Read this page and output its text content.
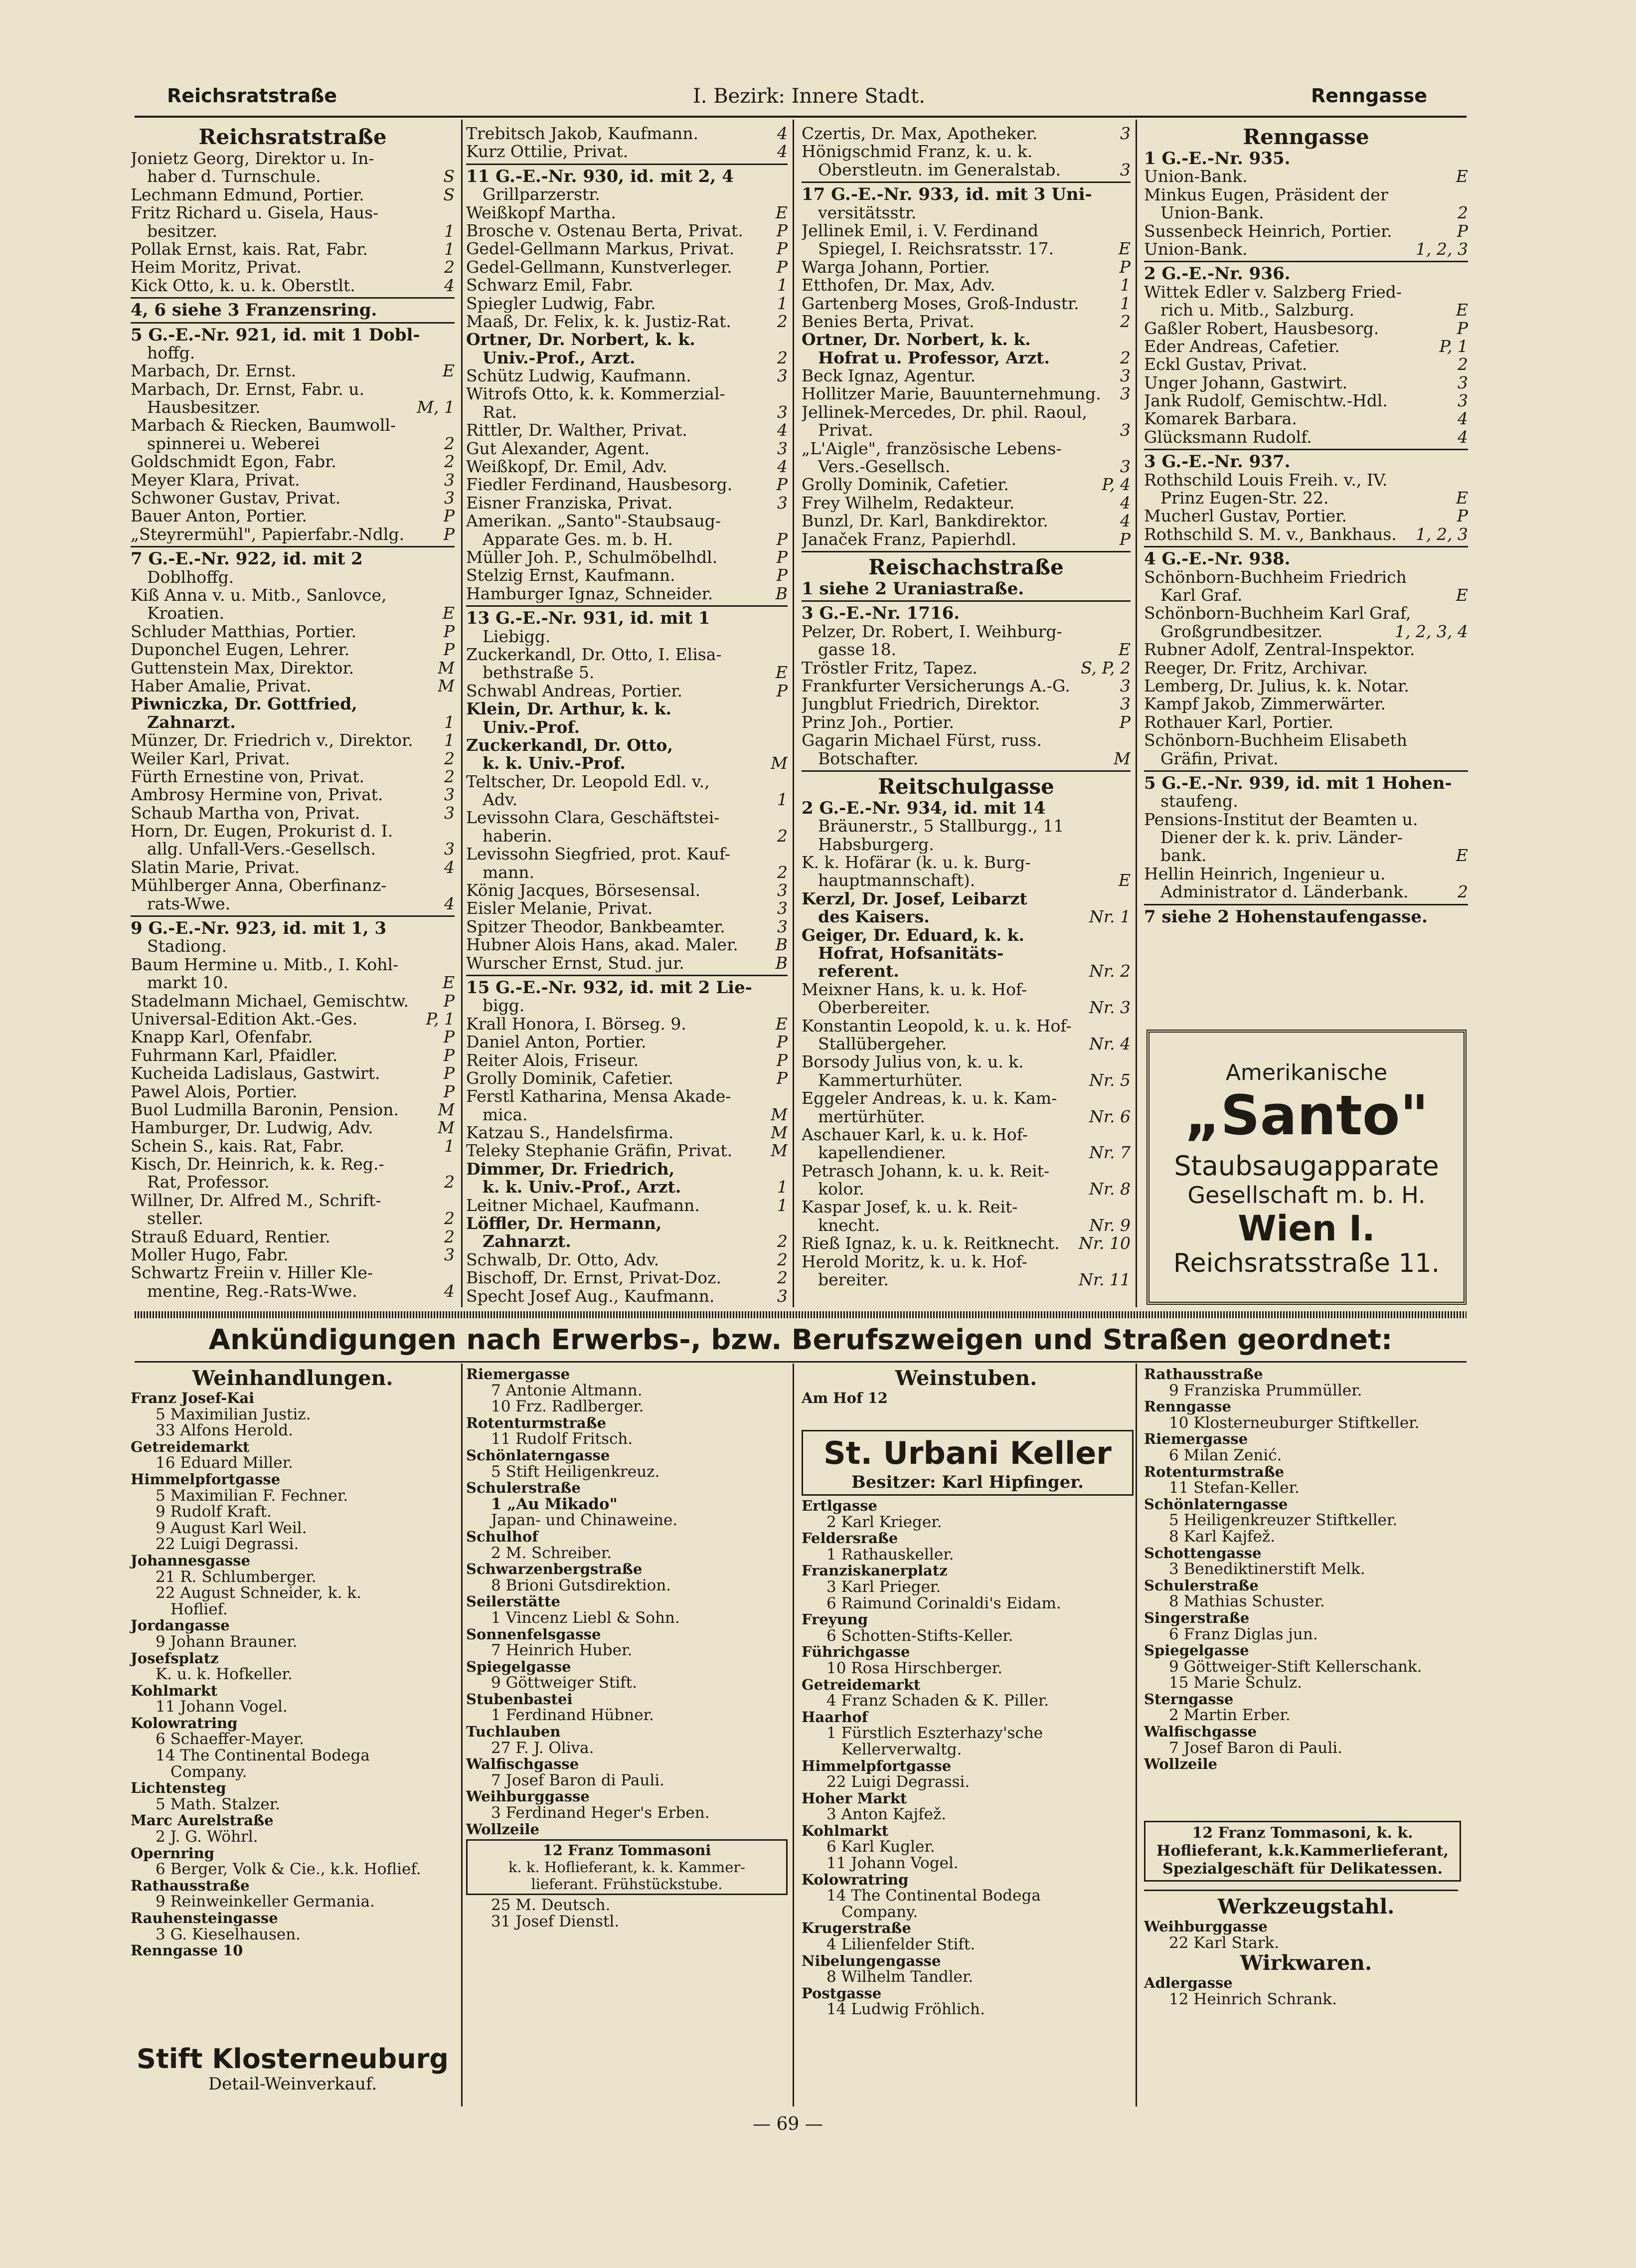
Reichsratstraße	I. Bezirk: Innere Stadt.	Renngasse
Reichsratstraße
Jonietz Georg, Direktor u. In-
 haber d. Turnschule.	S
Lechmann Edmund, Portier.	S
Fritz Richard u. Gisela, Haus-
 besitzer.	1
Pollak Ernst, kais. Rat, Fabr.	1
Heim Moritz, Privat.	2
Kick Otto, k. u. k. Oberstlt.	4
4, 6 siehe 3 Franzensring.
5 G.-E.-Nr. 921, id. mit 1 Dobl-
 hoffg.
Marbach, Dr. Ernst.	E
Marbach, Dr. Ernst, Fabr. u.
 Hausbesitzer.	M, 1
Marbach & Riecken, Baumwoll-
 spinnerei u. Weberei	2
Goldschmidt Egon, Fabr.	2
Meyer Klara, Privat.	3
Schwoner Gustav, Privat.	3
Bauer Anton, Portier.	P
„Steyrermühl", Papierfabr.-Ndlg. P
7 G.-E.-Nr. 922, id. mit 2
 Doblhoffg.
Kiß Anna v. u. Mitb., Sanlovce,
 Kroatien.	E
Schluder Matthias, Portier.	P
Duponchel Eugen, Lehrer.	P
Guttenstein Max, Direktor.	M
Haber Amalie, Privat.	M
Piwniczka, Dr. Gottfried,
 Zahnarzt.	1
Münzer, Dr. Friedrich v., Direktor. 1
Weiler Karl, Privat.	2
Fürth Ernestine von, Privat.	2
Ambrosy Hermine von, Privat.	3
Schaub Martha von, Privat.	3
Horn, Dr. Eugen, Prokurist d. I.
 allg. Unfall-Vers.-Gesellsch.	3
Slatin Marie, Privat.	4
Mühlberger Anna, Oberfinanz-
 rats-Wwe.	4
9 G.-E.-Nr. 923, id. mit 1, 3
 Stadiong.
Baum Hermine u. Mitb., I. Kohl-
 markt 10.	E
Stadelmann Michael, Gemischtw. P
Universal-Edition Akt.-Ges.	P, 1
Knapp Karl, Ofenfabr.	P
Fuhrmann Karl, Pfaidler.	P
Kucheida Ladislaus, Gastwirt.	P
Pawel Alois, Portier.	P
Buol Ludmilla Baronin, Pension. M
Hamburger, Dr. Ludwig, Adv.	M
Schein S., kais. Rat, Fabr.	1
Kisch, Dr. Heinrich, k. k. Reg.-
 Rat, Professor.	2
Willner, Dr. Alfred M., Schrift-
 steller.	2
Strauß Eduard, Rentier.	2
Moller Hugo, Fabr.	3
Schwartz Freiin v. Hiller Kle-
 mentine, Reg.-Rats-Wwe.	4
Trebitsch Jakob, Kaufmann.	4
Kurz Ottilie, Privat.	4
11 G.-E.-Nr. 930, id. mit 2, 4
 Grillparzerstr.
Weißkopf Martha.	E
Brosche v. Ostenau Berta, Privat. P
Gedel-Gellmann Markus, Privat.	P
Gedel-Gellmann, Kunstverleger.	P
Schwarz Emil, Fabr.	1
Spiegler Ludwig, Fabr.	1
Maaß, Dr. Felix, k. k. Justiz-Rat.	2
Ortner, Dr. Norbert, k. k.
 Univ.-Prof., Arzt.	2
Schütz Ludwig, Kaufmann.	3
Witrofs Otto, k. k. Kommerzial-
 Rat.	3
Rittler, Dr. Walther, Privat.	4
Gut Alexander, Agent.	3
Weißkopf, Dr. Emil, Adv.	4
Fiedler Ferdinand, Hausbesorg.	P
Eisner Franziska, Privat.	3
Amerikan. „Santo"-Staubsaug-
 Apparate Ges. m. b. H.	P
Müller Joh. P., Schulmöbelhdl.	P
Stelzig Ernst, Kaufmann.	P
Hamburger Ignaz, Schneider.	B
13 G.-E.-Nr. 931, id. mit 1
 Liebigg.
Zuckerkandl, Dr. Otto, I. Elisa-
 bethstraße 5.	E
Schwabl Andreas, Portier.	P
Klein, Dr. Arthur, k. k.
 Univ.-Prof.
Zuckerkandl, Dr. Otto,
 k. k. Univ.-Prof.	M
Teltscher, Dr. Leopold Edl. v.,
 Adv.	1
Levissohn Clara, Geschäftstei-
 haberin.	2
Levissohn Siegfried, prot. Kauf-
 mann.	2
König Jacques, Börsesensal.	3
Eisler Melanie, Privat.	3
Spitzer Theodor, Bankbeamter.	3
Hubner Alois Hans, akad. Maler. B
Wurscher Ernst, Stud. jur.	B
15 G.-E.-Nr. 932, id. mit 2 Lie-
 bigg.
Krall Honora, I. Börseg. 9.	E
Daniel Anton, Portier.	P
Reiter Alois, Friseur.	P
Grolly Dominik, Cafetier.	P
Ferstl Katharina, Mensa Akade-
 mica.	M
Katzau S., Handelsfirma.	M
Teleky Stephanie Gräfin, Privat. M
Dimmer, Dr. Friedrich,
 k. k. Univ.-Prof., Arzt.	1
Leitner Michael, Kaufmann.	1
Löffler, Dr. Hermann,
 Zahnarzt.	2
Schwalb, Dr. Otto, Adv.	2
Bischoff, Dr. Ernst, Privat-Doz.	2
Specht Josef Aug., Kaufmann.	3
Czertis, Dr. Max, Apotheker.	3
Hönigschmid Franz, k. u. k.
 Oberstleutn. im Generalstab.	3
17 G.-E.-Nr. 933, id. mit 3 Uni-
 versitätsstr.
Jellinek Emil, i. V. Ferdinand
 Spiegel, I. Reichsratsstr. 17.	E
Warga Johann, Portier.	P
Etthofen, Dr. Max, Adv.	1
Gartenberg Moses, Groß-Industr. 1
Benies Berta, Privat.	2
Ortner, Dr. Norbert, k. k.
 Hofrat u. Professor, Arzt.	2
Beck Ignaz, Agentur.	3
Hollitzer Marie, Bauunternehmung. 3
Jellinek-Mercedes, Dr. phil. Raoul,
 Privat.	3
„L'Aigle", französische Lebens-
 Vers.-Gesellsch.	3
Grolly Dominik, Cafetier.	P, 4
Frey Wilhelm, Redakteur.	4
Bunzl, Dr. Karl, Bankdirektor.	4
Janaček Franz, Papierhdl.	P
Reischachstraße
1 siehe 2 Uraniastraße.
3 G.-E.-Nr. 1716.
Pelzer, Dr. Robert, I. Weihburg-
 gasse 18.	E
Tröstler Fritz, Tapez.	S, P, 2
Frankfurter Versicherungs A.-G.	3
Jungblut Friedrich, Direktor.	3
Prinz Joh., Portier.	P
Gagarin Michael Fürst, russ.
 Botschafter.	M
Reitschulgasse
2 G.-E.-Nr. 934, id. mit 14
 Bräunerstr., 5 Stallburgg., 11
 Habsburgerg.
K. k. Hofärar (k. u. k. Burg-
 hauptmannschaft).	E
Kerzl, Dr. Josef, Leibarzt
 des Kaisers.	Nr. 1
Geiger, Dr. Eduard, k. k.
 Hofrat, Hofsanitäts-
 referent.	Nr. 2
Meixner Hans, k. u. k. Hof-
 Oberbereiter.	Nr. 3
Konstantin Leopold, k. u. k. Hof-
 Stallübergeher.	Nr. 4
Borsody Julius von, k. u. k.
 Kammerturhüter.	Nr. 5
Eggeler Andreas, k. u. k. Kam-
 mertürhüter.	Nr. 6
Aschauer Karl, k. u. k. Hof-
 kapellendiener.	Nr. 7
Petrasch Johann, k. u. k. Reit-
 kolor.	Nr. 8
Kaspar Josef, k. u. k. Reit-
 knecht.	Nr. 9
Rieß Ignaz, k. u. k. Reitknecht. Nr. 10
Herold Moritz, k. u. k. Hof-
 bereiter.	Nr. 11
Renngasse
1 G.-E.-Nr. 935.
Union-Bank.	E
Minkus Eugen, Präsident der
 Union-Bank.	2
Sussenbeck Heinrich, Portier.	P
Union-Bank.	1, 2, 3
2 G.-E.-Nr. 936.
Wittek Edler v. Salzberg Fried-
 rich u. Mitb., Salzburg.	E
Gaßler Robert, Hausbesorg.	P
Eder Andreas, Cafetier.	P, 1
Eckl Gustav, Privat.	2
Unger Johann, Gastwirt.	3
Jank Rudolf, Gemischtw.-Hdl.	3
Komarek Barbara.	4
Glücksmann Rudolf.	4
3 G.-E.-Nr. 937.
Rothschild Louis Freih. v., IV.
 Prinz Eugen-Str. 22.	E
Mucherl Gustav, Portier.	P
Rothschild S. M. v., Bankhaus. 1, 2, 3
4 G.-E.-Nr. 938.
Schönborn-Buchheim Friedrich
 Karl Graf.	E
Schönborn-Buchheim Karl Graf,
 Großgrundbesitzer.	1, 2, 3, 4
Rubner Adolf, Zentral-Inspektor.
Reeger, Dr. Fritz, Archivar.
Lemberg, Dr. Julius, k. k. Notar.
Kampf Jakob, Zimmerwärter.
Rothauer Karl, Portier.
Schönborn-Buchheim Elisabeth
 Gräfin, Privat.
5 G.-E.-Nr. 939, id. mit 1 Hohen-
 staufeng.
Pensions-Institut der Beamten u.
 Diener der k. k. priv. Länder-
 bank.	E
Hellin Heinrich, Ingenieur u.
 Administrator d. Länderbank.	2
7 siehe 2 Hohenstaufengasse.
Amerikanische
„Santo"
Staubsaugapparate
Gesellschaft m. b. H.
Wien I.
Reichsratsstraße 11.
Ankündigungen nach Erwerbs-, bzw. Berufszweigen und Straßen geordnet:
Weinhandlungen.
Franz Josef-Kai
5 Maximilian Justiz.
33 Alfons Herold.
Getreidemarkt
16 Eduard Miller.
Himmelpfortgasse
5 Maximilian F. Fechner.
9 Rudolf Kraft.
9 August Karl Weil.
22 Luigi Degrassi.
Johannesgasse
21 R. Schlumberger.
22 August Schneider, k. k.
Hoflief.
Jordangasse
9 Johann Brauner.
Josefsplatz
K. u. k. Hofkeller.
Kohlmarkt
11 Johann Vogel.
Kolowratring
6 Schaeffer-Mayer.
14 The Continental Bodega
Company.
Lichtensteg
5 Math. Stalzer.
Marc Aurelstraße
2 J. G. Wöhrl.
Opernring
6 Berger, Volk & Cie., k.k. Hoflief.
Rathausstraße
9 Reinweinkeller Germania.
Rauhensteingasse
3 G. Kieselhausen.
Renngasse 10
Stift Klosterneuburg
Detail-Weinverkauf.
Riemergasse
7 Antonie Altmann.
10 Frz. Radlberger.
Rotenturmstraße
11 Rudolf Fritsch.
Schönlaterngasse
5 Stift Heiligenkreuz.
Schulerstraße
1 „Au Mikado"
Japan- und Chinaweine.
Schulhof
2 M. Schreiber.
Schwarzenbergstraße
8 Brioni Gutsdirektion.
Seilerstätte
1 Vincenz Liebl & Sohn.
Sonnenfelsgasse
7 Heinrich Huber.
Spiegelgasse
9 Göttweiger Stift.
Stubenbastei
1 Ferdinand Hübner.
Tuchlauben
27 F. J. Oliva.
Walfischgasse
7 Josef Baron di Pauli.
Weihburggasse
3 Ferdinand Heger's Erben.
Wollzeile
12 Franz Tommasoni
k. k. Hoflieferant, k. k. Kammer-
lieferant. Frühstückstube.
25 M. Deutsch.
31 Josef Dienstl.
Weinstuben.
Am Hof 12
St. Urbani Keller
Besitzer: Karl Hipfinger.
Ertlgasse
2 Karl Krieger.
Feldersraße
1 Rathauskeller.
Franziskanerplatz
3 Karl Prieger.
6 Raimund Corinaldi's Eidam.
Freyung
6 Schotten-Stifts-Keller.
Führichgasse
10 Rosa Hirschberger.
Getreidemarkt
4 Franz Schaden & K. Piller.
Haarhof
1 Fürstlich Eszterhazy'sche
Kellerverwaltg.
Himmelpfortgasse
22 Luigi Degrassi.
Hoher Markt
3 Anton Kajfež.
Kohlmarkt
6 Karl Kugler.
11 Johann Vogel.
Kolowratring
14 The Continental Bodega
Company.
Krugerstraße
4 Lilienfelder Stift.
Nibelungengasse
8 Wilhelm Tandler.
Postgasse
14 Ludwig Fröhlich.
Rathausstraße
9 Franziska Prummüller.
Renngasse
10 Klosterneuburger Stiftkeller.
Riemergasse
6 Milan Zenić.
Rotenturmstraße
11 Stefan-Keller.
Schönlaterngasse
5 Heiligenkreuzer Stiftkeller.
8 Karl Kajfež.
Schottengasse
3 Benediktinerstift Melk.
Schulerstraße
8 Mathias Schuster.
Singerstraße
6 Franz Diglas jun.
Spiegelgasse
9 Göttweiger-Stift Kellerschank.
15 Marie Schulz.
Sterngasse
2 Martin Erber.
Walfischgasse
7 Josef Baron di Pauli.
Wollzeile
12 Franz Tommasoni, k. k.
Hoflieferant, k.k.Kammerlieferant,
Spezialgeschäft für Delikatessen.
Werkzeugstahl.
Weihburggasse
22 Karl Stark.
Wirkwaren.
Adlergasse
12 Heinrich Schrank.
— 69 —
